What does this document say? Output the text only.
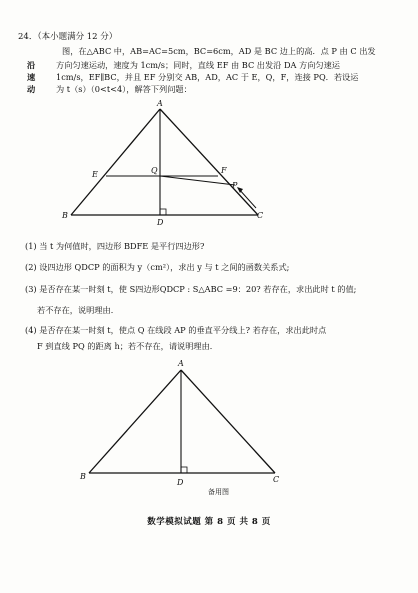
24．（本小题满分 12 分）
沿
速
动
图，在△ABC 中，AB=AC=5cm，BC=6cm，AD 是 BC 边上的高．点 P 由 C 出发
方向匀速运动，速度为 1cm/s；同时，直线 EF 由 BC 出发沿 DA 方向匀速运
1cm/s，EF∥BC，并且 EF 分别交 AB，AD，AC 于 E，Q，F，连接 PQ．若设运
为 t（s）（0<t<4），解答下列问题：
A
E	Q	F
P
B
D
C
(1) 当 t 为何值时，四边形 BDFE 是平行四边形?
(2) 设四边形 QDCP 的面积为 y（cm²），求出 y 与 t 之间的函数关系式;
(3) 是否存在某一时刻 t，使 S四边形QDCP : S△ABC =9：20? 若存在，求出此时 t 的值;
若不存在，说明理由．
(4) 是否存在某一时刻 t，使点 Q 在线段 AP 的垂直平分线上? 若存在，求出此时点
F 到直线 PQ 的距离 h；若不存在，请说明理由．
A
B
D	C
备用图
数学模拟试题 第 8 页 共 8 页
